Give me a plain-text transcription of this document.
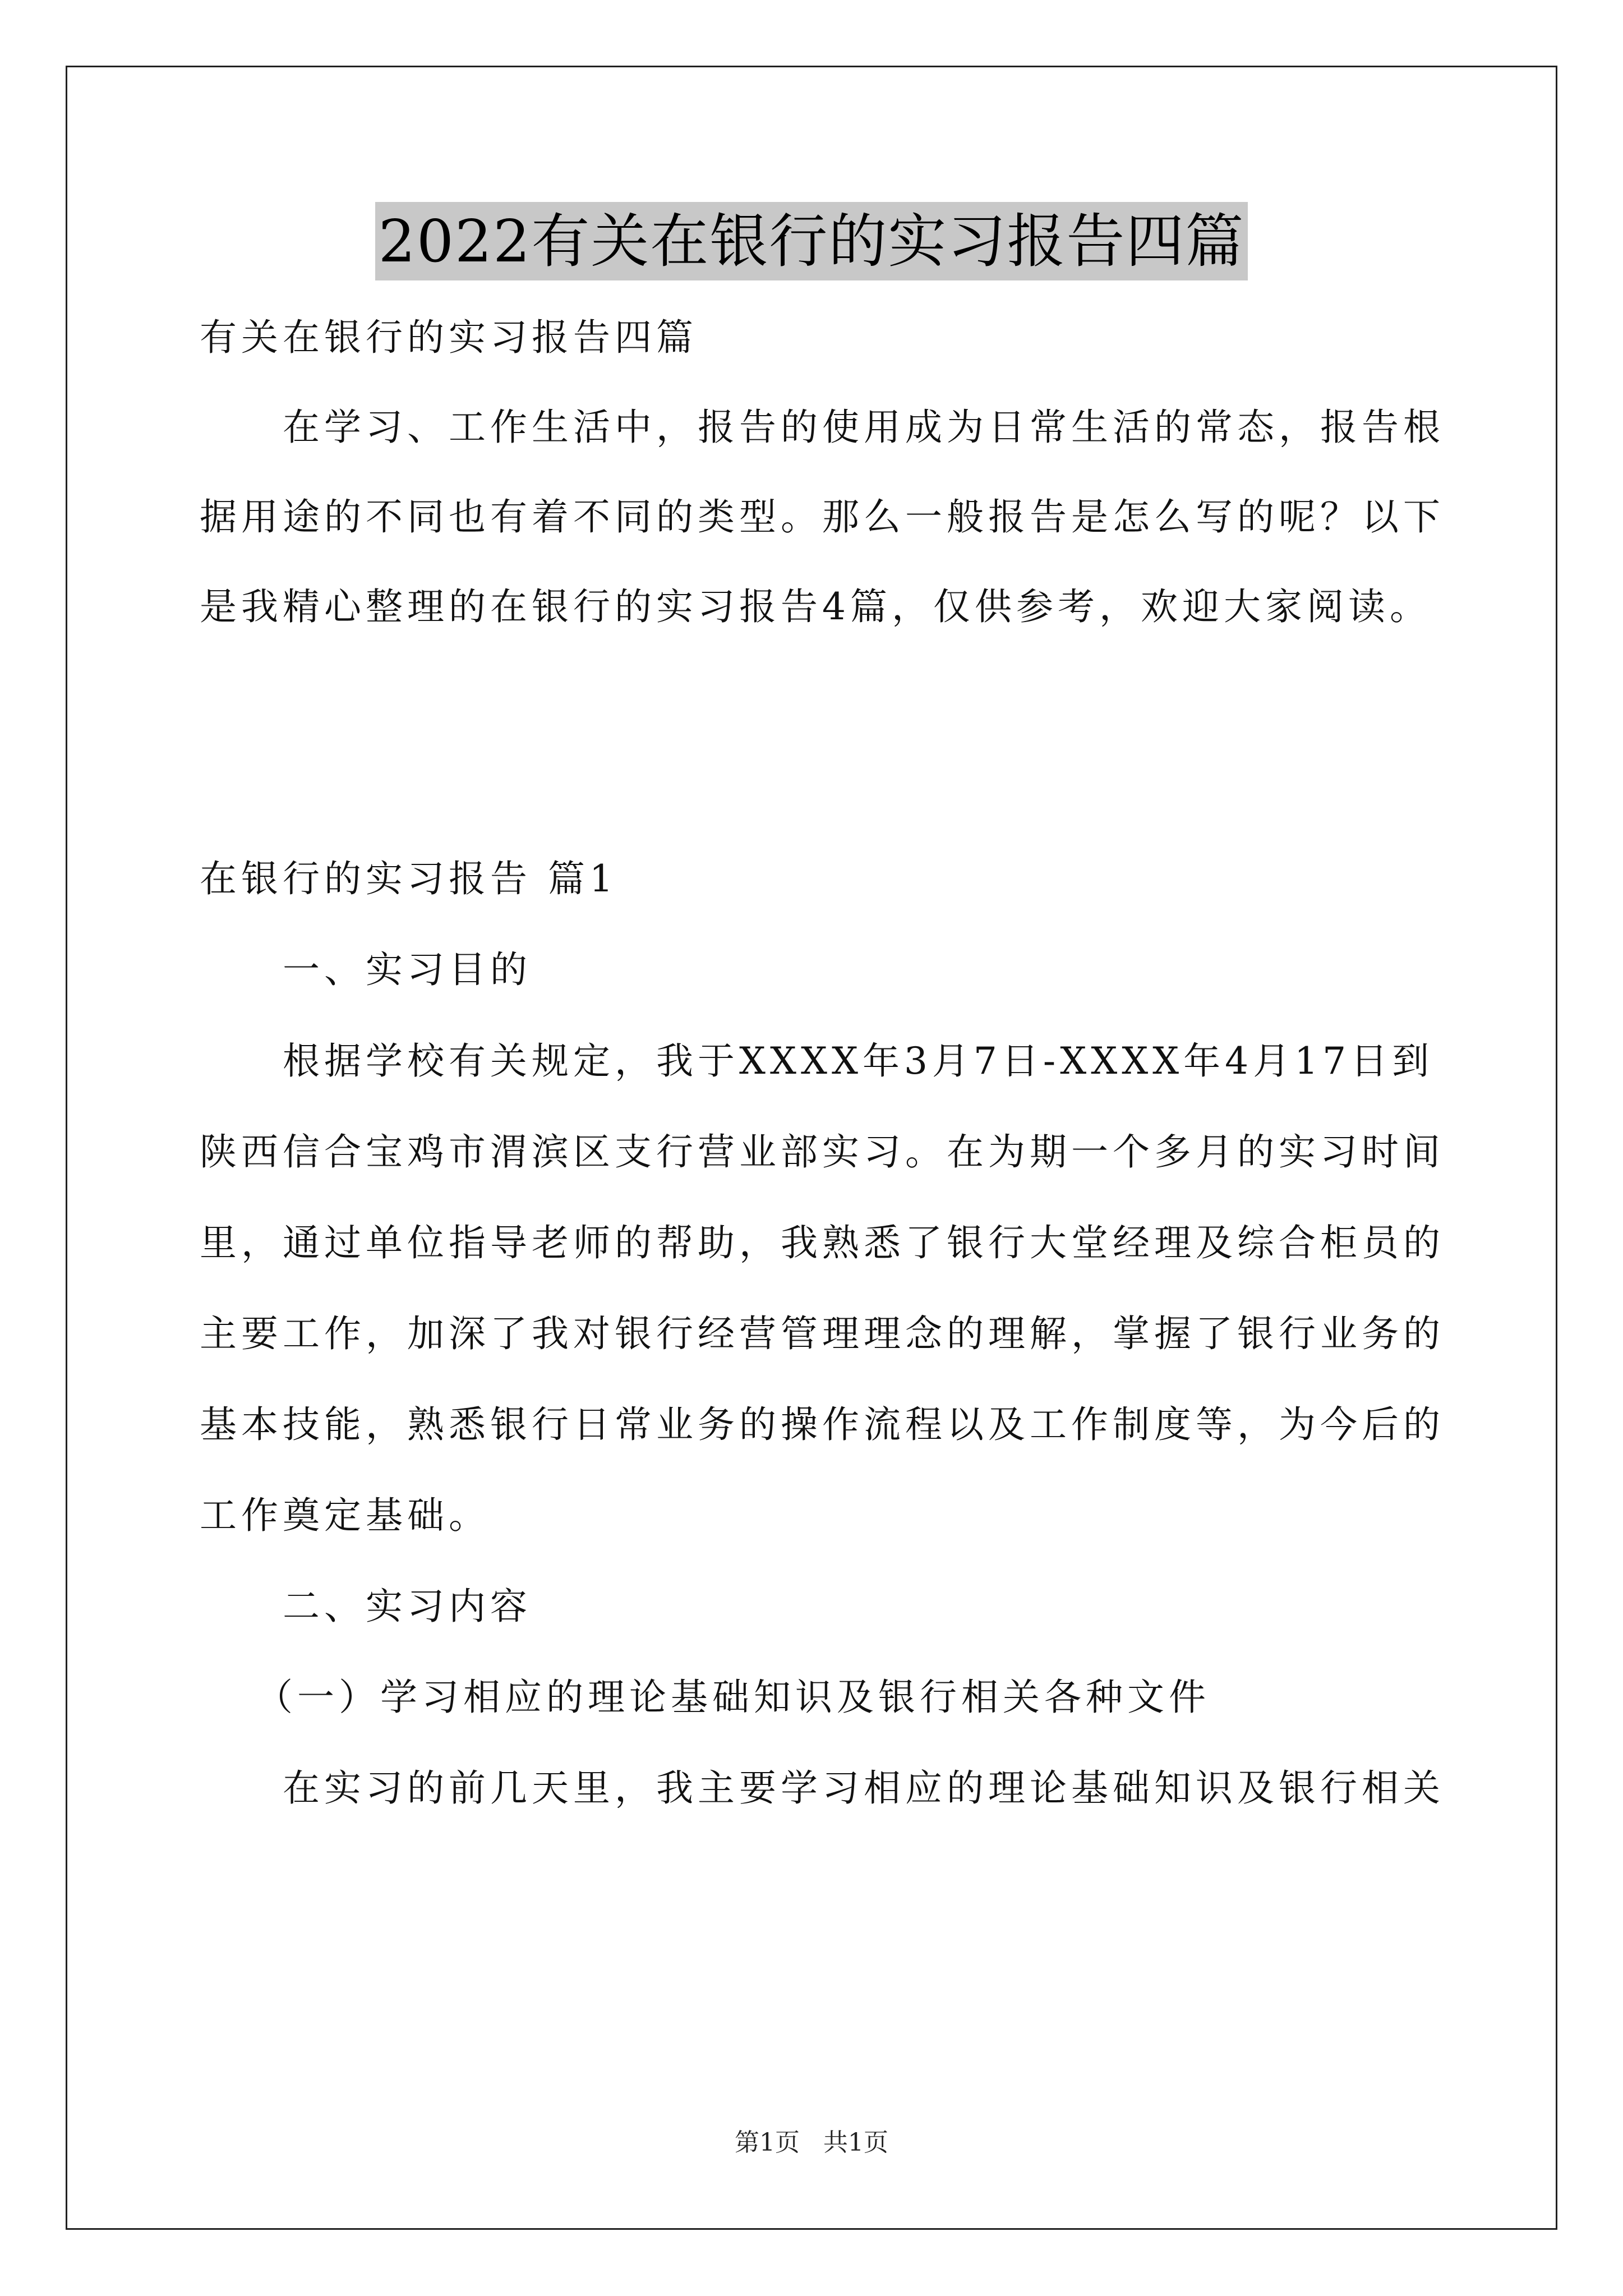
2022有关在银行的实习报告四篇
有关在银行的实习报告四篇
在学习、工作生活中，报告的使用成为日常生活的常态，报告根
据用途的不同也有着不同的类型。那么一般报告是怎么写的呢？以下
是我精心整理的在银行的实习报告4篇，仅供参考，欢迎大家阅读。
在银行的实习报告 篇1
一、实习目的
根据学校有关规定，我于XXXX年3月7日-XXXX年4月17日到
陕西信合宝鸡市渭滨区支行营业部实习。在为期一个多月的实习时间
里，通过单位指导老师的帮助，我熟悉了银行大堂经理及综合柜员的
主要工作，加深了我对银行经营管理理念的理解，掌握了银行业务的
基本技能，熟悉银行日常业务的操作流程以及工作制度等，为今后的
工作奠定基础。
二、实习内容
（一）学习相应的理论基础知识及银行相关各种文件
在实习的前几天里，我主要学习相应的理论基础知识及银行相关
第1页   共1页
